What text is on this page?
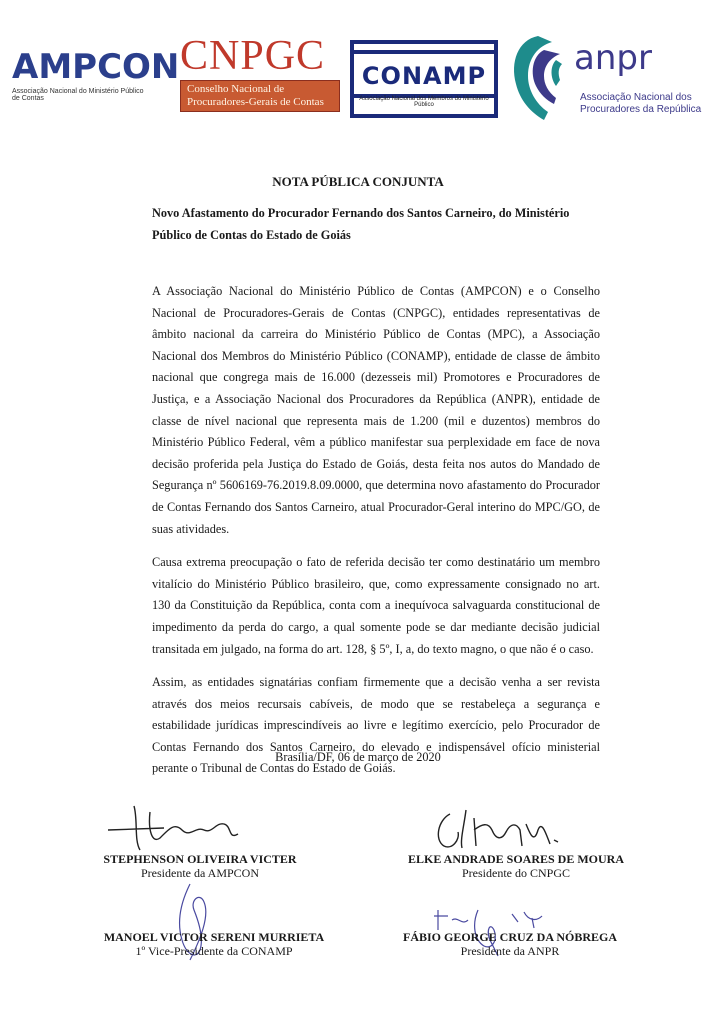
AMPCON
Associação Nacional do Ministério Público de Contas
CNPGC
Conselho Nacional de
Procuradores-Gerais de Contas
CONAMP
Associação Nacional dos Membros do Ministério Público
anpr
Associação Nacional dos
Procuradores da República
NOTA PÚBLICA CONJUNTA
Novo Afastamento do Procurador Fernando dos Santos Carneiro, do Ministério Público de Contas do Estado de Goiás

A Associação Nacional do Ministério Público de Contas (AMPCON) e o Conselho Nacional de Procuradores-Gerais de Contas (CNPGC), entidades representativas de âmbito nacional da carreira do Ministério Público de Contas (MPC), a Associação Nacional dos Membros do Ministério Público (CONAMP), entidade de classe de âmbito nacional que congrega mais de 16.000 (dezesseis mil) Promotores e Procuradores de Justiça, e a Associação Nacional dos Procuradores da República (ANPR), entidade de classe de nível nacional que representa mais de 1.200 (mil e duzentos) membros do Ministério Público Federal, vêm a público manifestar sua perplexidade em face de nova decisão proferida pela Justiça do Estado de Goiás, desta feita nos autos do Mandado de Segurança nº 5606169-76.2019.8.09.0000, que determina novo afastamento do Procurador de Contas Fernando dos Santos Carneiro, atual Procurador-Geral interino do MPC/GO, de suas atividades.

Causa extrema preocupação o fato de referida decisão ter como destinatário um membro vitalício do Ministério Público brasileiro, que, como expressamente consignado no art. 130 da Constituição da República, conta com a inequívoca salvaguarda constitucional de impedimento da perda do cargo, a qual somente pode se dar mediante decisão judicial transitada em julgado, na forma do art. 128, § 5º, I, a, do texto magno, o que não é o caso.

Assim, as entidades signatárias confiam firmemente que a decisão venha a ser revista através dos meios recursais cabíveis, de modo que se restabeleça a segurança e estabilidade jurídicas imprescindíveis ao livre e legítimo exercício, pelo Procurador de Contas Fernando dos Santos Carneiro, do elevado e indispensável ofício ministerial perante o Tribunal de Contas do Estado de Goiás.

Brasília/DF, 06 de março de 2020
STEPHENSON OLIVEIRA VICTER
Presidente da AMPCON
ELKE ANDRADE SOARES DE MOURA
Presidente do CNPGC
MANOEL VICTOR SERENI MURRIETA
1º Vice-Presidente da CONAMP
FÁBIO GEORGE CRUZ DA NÓBREGA
Presidente da ANPR
